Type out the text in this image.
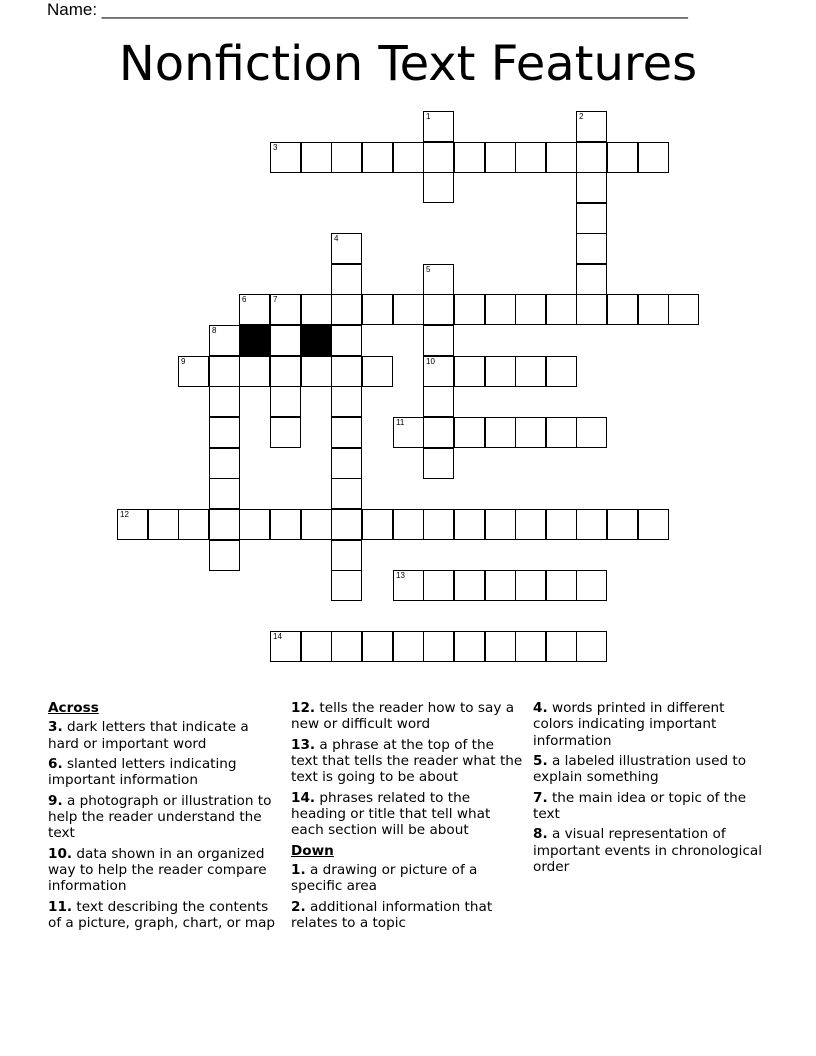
Name: ______________________________________________________________
Nonfiction Text Features
3
1	2
4
5
10
6	7
8
9
11
12
13
14
Across
3. dark letters that indicate a hard or important word
6. slanted letters indicating important information
9. a photograph or illustration to help the reader understand the text
10. data shown in an organized way to help the reader compare information
11. text describing the contents of a picture, graph, chart, or map
12. tells the reader how to say a new or difficult word
13. a phrase at the top of the text that tells the reader what the text is going to be about
14. phrases related to the heading or title that tell what each section will be about
Down
1. a drawing or picture of a specific area
2. additional information that relates to a topic
4. words printed in different colors indicating important information
5. a labeled illustration used to explain something
7. the main idea or topic of the text
8. a visual representation of important events in chronological order
